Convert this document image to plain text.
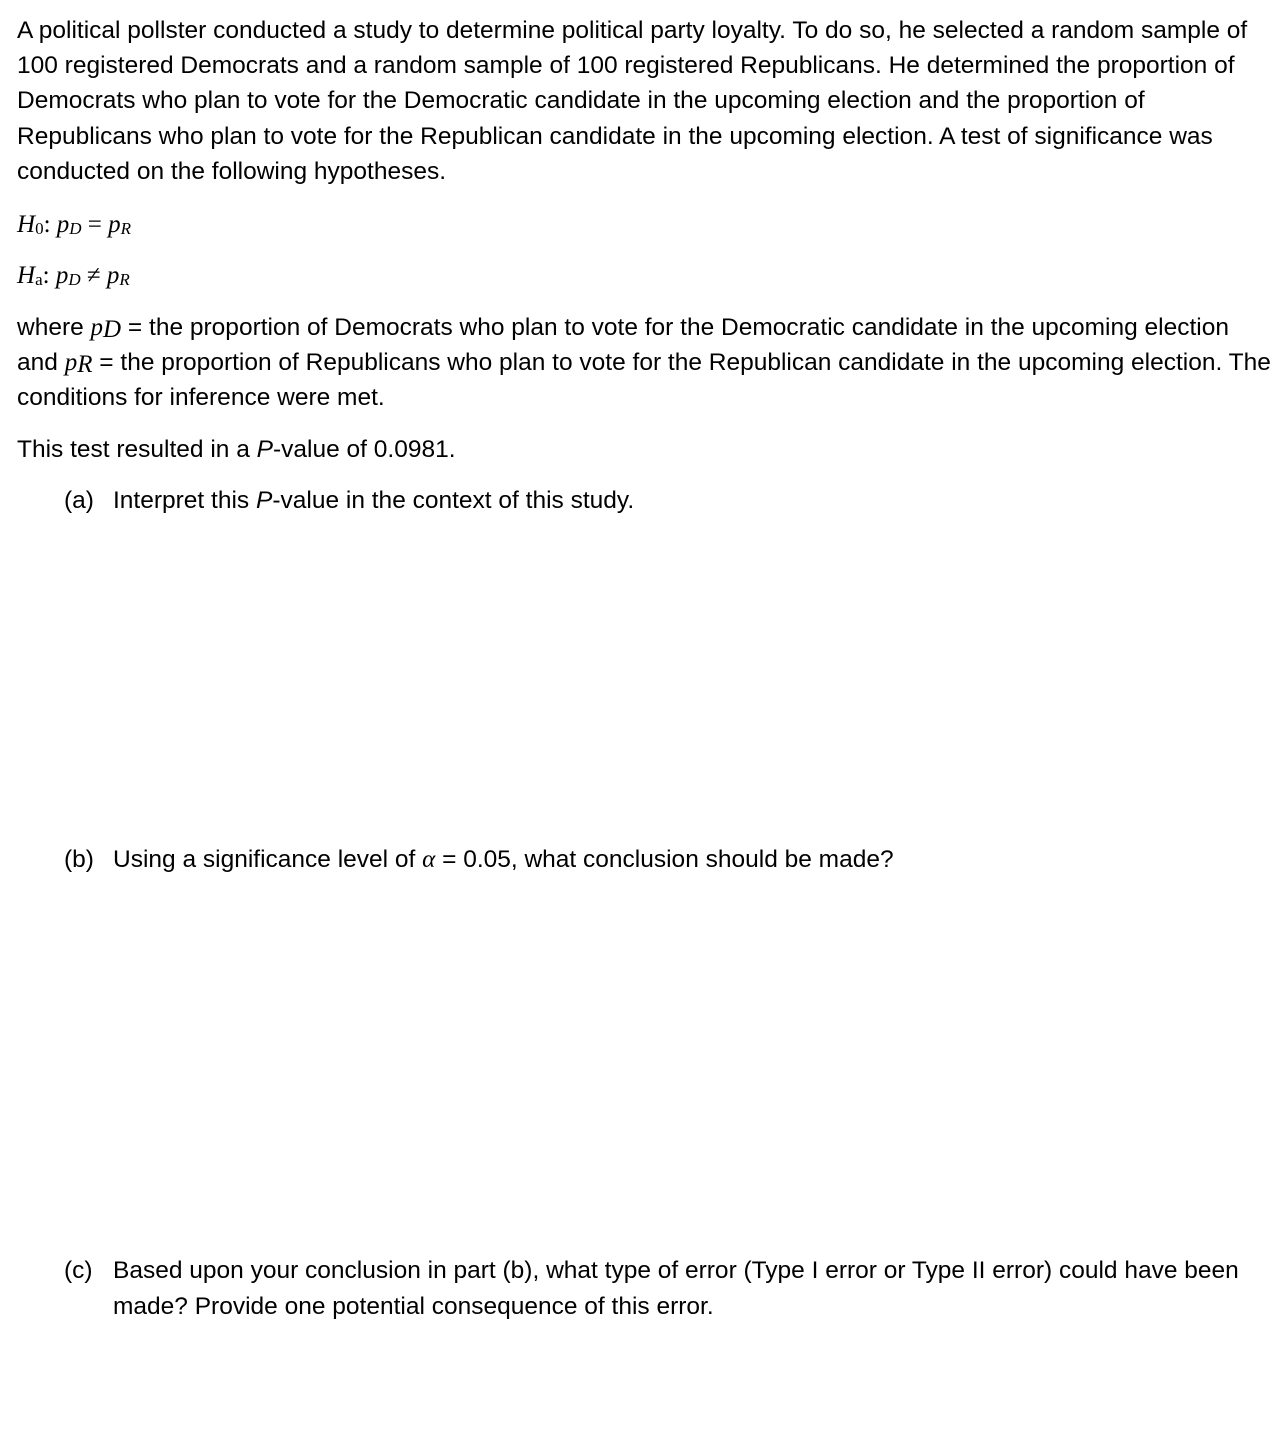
A political pollster conducted a study to determine political party loyalty. To do so, he selected a random sample of 100 registered Democrats and a random sample of 100 registered Republicans. He determined the proportion of Democrats who plan to vote for the Democratic candidate in the upcoming election and the proportion of Republicans who plan to vote for the Republican candidate in the upcoming election. A test of significance was conducted on the following hypotheses.
H0: pD = pR
Ha: pD ≠ pR
where pD = the proportion of Democrats who plan to vote for the Democratic candidate in the upcoming election and pR = the proportion of Republicans who plan to vote for the Republican candidate in the upcoming election. The conditions for inference were met.
This test resulted in a P-value of 0.0981.
(a) Interpret this P-value in the context of this study.
(b) Using a significance level of α = 0.05, what conclusion should be made?
(c) Based upon your conclusion in part (b), what type of error (Type I error or Type II error) could have been made? Provide one potential consequence of this error.
